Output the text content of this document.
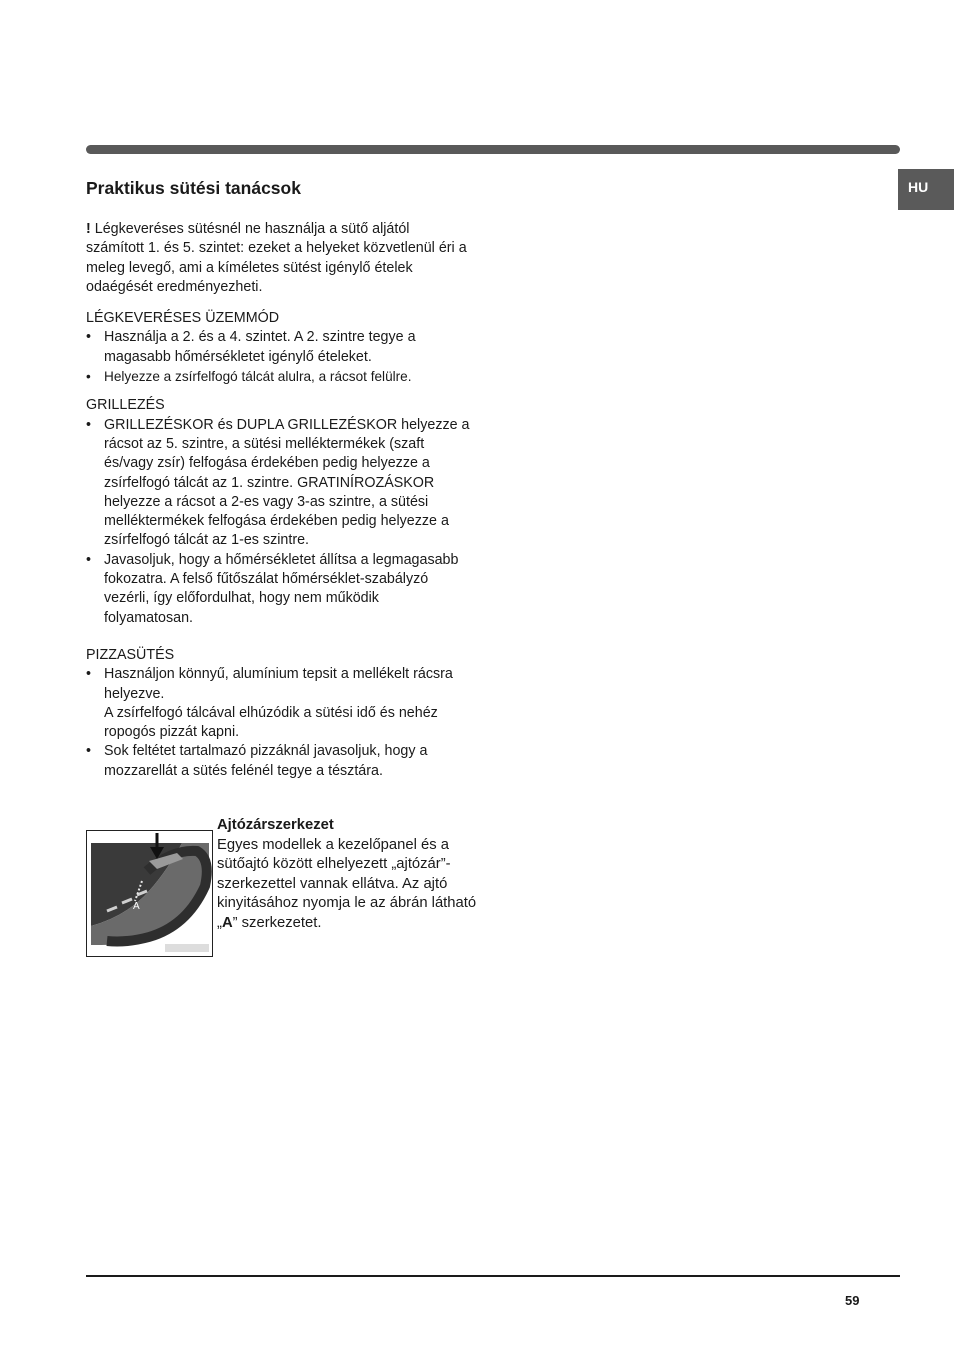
HU
Praktikus sütési tanácsok

! Légkeveréses sütésnél ne használja a sütő aljától számított 1. és 5. szintet: ezeket a helyeket közvetlenül éri a meleg levegő, ami a kíméletes sütést igénylő ételek odaégését eredményezheti.

LÉGKEVERÉSES ÜZEMMÓD

• Használja a 2. és a 4. szintet. A 2. szintre tegye a magasabb hőmérsékletet igénylő ételeket.
• Helyezze a zsírfelfogó tálcát alulra, a rácsot felülre.

GRILLEZÉS

• GRILLEZÉSKOR és DUPLA GRILLEZÉSKOR helyezze a rácsot az 5. szintre, a sütési melléktermékek (szaft és/vagy zsír) felfogása érdekében pedig helyezze a zsírfelfogó tálcát az 1. szintre. GRATINÍROZÁSKOR helyezze a rácsot a 2-es vagy 3-as szintre, a sütési melléktermékek felfogása érdekében pedig helyezze a zsírfelfogó tálcát az 1-es szintre.
• Javasoljuk, hogy a hőmérsékletet állítsa a legmagasabb fokozatra. A felső fűtőszálat hőmérséklet-szabályzó vezérli, így előfordulhat, hogy nem működik folyamatosan.

PIZZASÜTÉS

• Használjon könnyű, alumínium tepsit a mellékelt rácsra helyezve.
A zsírfelfogó tálcával elhúzódik a sütési idő és nehéz ropogós pizzát kapni.
• Sok feltétet tartalmazó pizzáknál javasoljuk, hogy a mozzarellát a sütés felénél tegye a tésztára.
A
Ajtózárszerkezet
Egyes modellek a kezelőpanel és a sütőajtó között elhelyezett „ajtózár”-szerkezettel vannak ellátva. Az ajtó kinyitásához nyomja le az ábrán látható „A” szerkezetet.
59
